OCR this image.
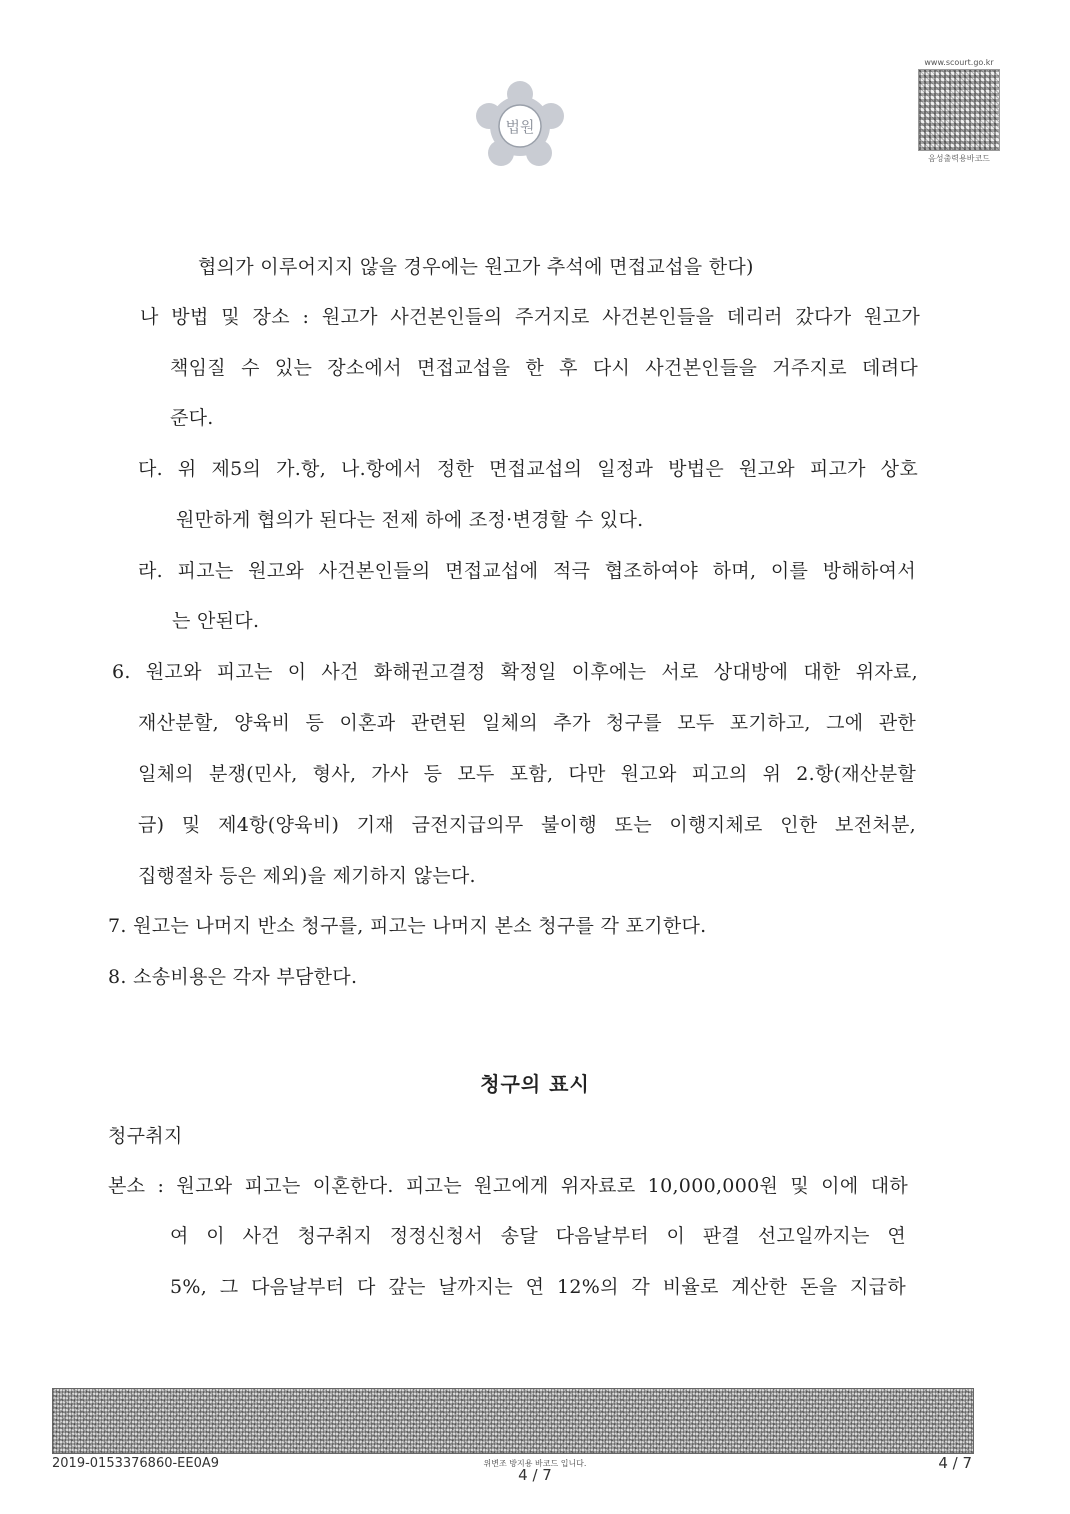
법원
www.scourt.go.kr
음성출력용바코드
협의가 이루어지지 않을 경우에는 원고가 추석에 면접교섭을 한다)
나 방법 및 장소 : 원고가 사건본인들의 주거지로 사건본인들을 데리러 갔다가 원고가
책임질 수 있는 장소에서 면접교섭을 한 후 다시 사건본인들을 거주지로 데려다
준다.
다. 위 제5의 가.항, 나.항에서 정한 면접교섭의 일정과 방법은 원고와 피고가 상호
원만하게 협의가 된다는 전제 하에 조정·변경할 수 있다.
라. 피고는 원고와 사건본인들의 면접교섭에 적극 협조하여야 하며, 이를 방해하여서
는 안된다.
6. 원고와 피고는 이 사건 화해권고결정 확정일 이후에는 서로 상대방에 대한 위자료,
재산분할, 양육비 등 이혼과 관련된 일체의 추가 청구를 모두 포기하고, 그에 관한
일체의 분쟁(민사, 형사, 가사 등 모두 포함, 다만 원고와 피고의 위 2.항(재산분할
금) 및 제4항(양육비) 기재 금전지급의무 불이행 또는 이행지체로 인한 보전처분,
집행절차 등은 제외)을 제기하지 않는다.
7. 원고는 나머지 반소 청구를, 피고는 나머지 본소 청구를 각 포기한다.
8. 소송비용은 각자 부담한다.
청구의 표시
청구취지
본소 : 원고와 피고는 이혼한다. 피고는 원고에게 위자료로 10,000,000원 및 이에 대하
여 이 사건 청구취지 정정신청서 송달 다음날부터 이 판결 선고일까지는 연
5%, 그 다음날부터 다 갚는 날까지는 연 12%의 각 비율로 계산한 돈을 지급하
2019-0153376860-EE0A9	위변조 방지용 바코드 입니다.
4 / 7
4 / 7
